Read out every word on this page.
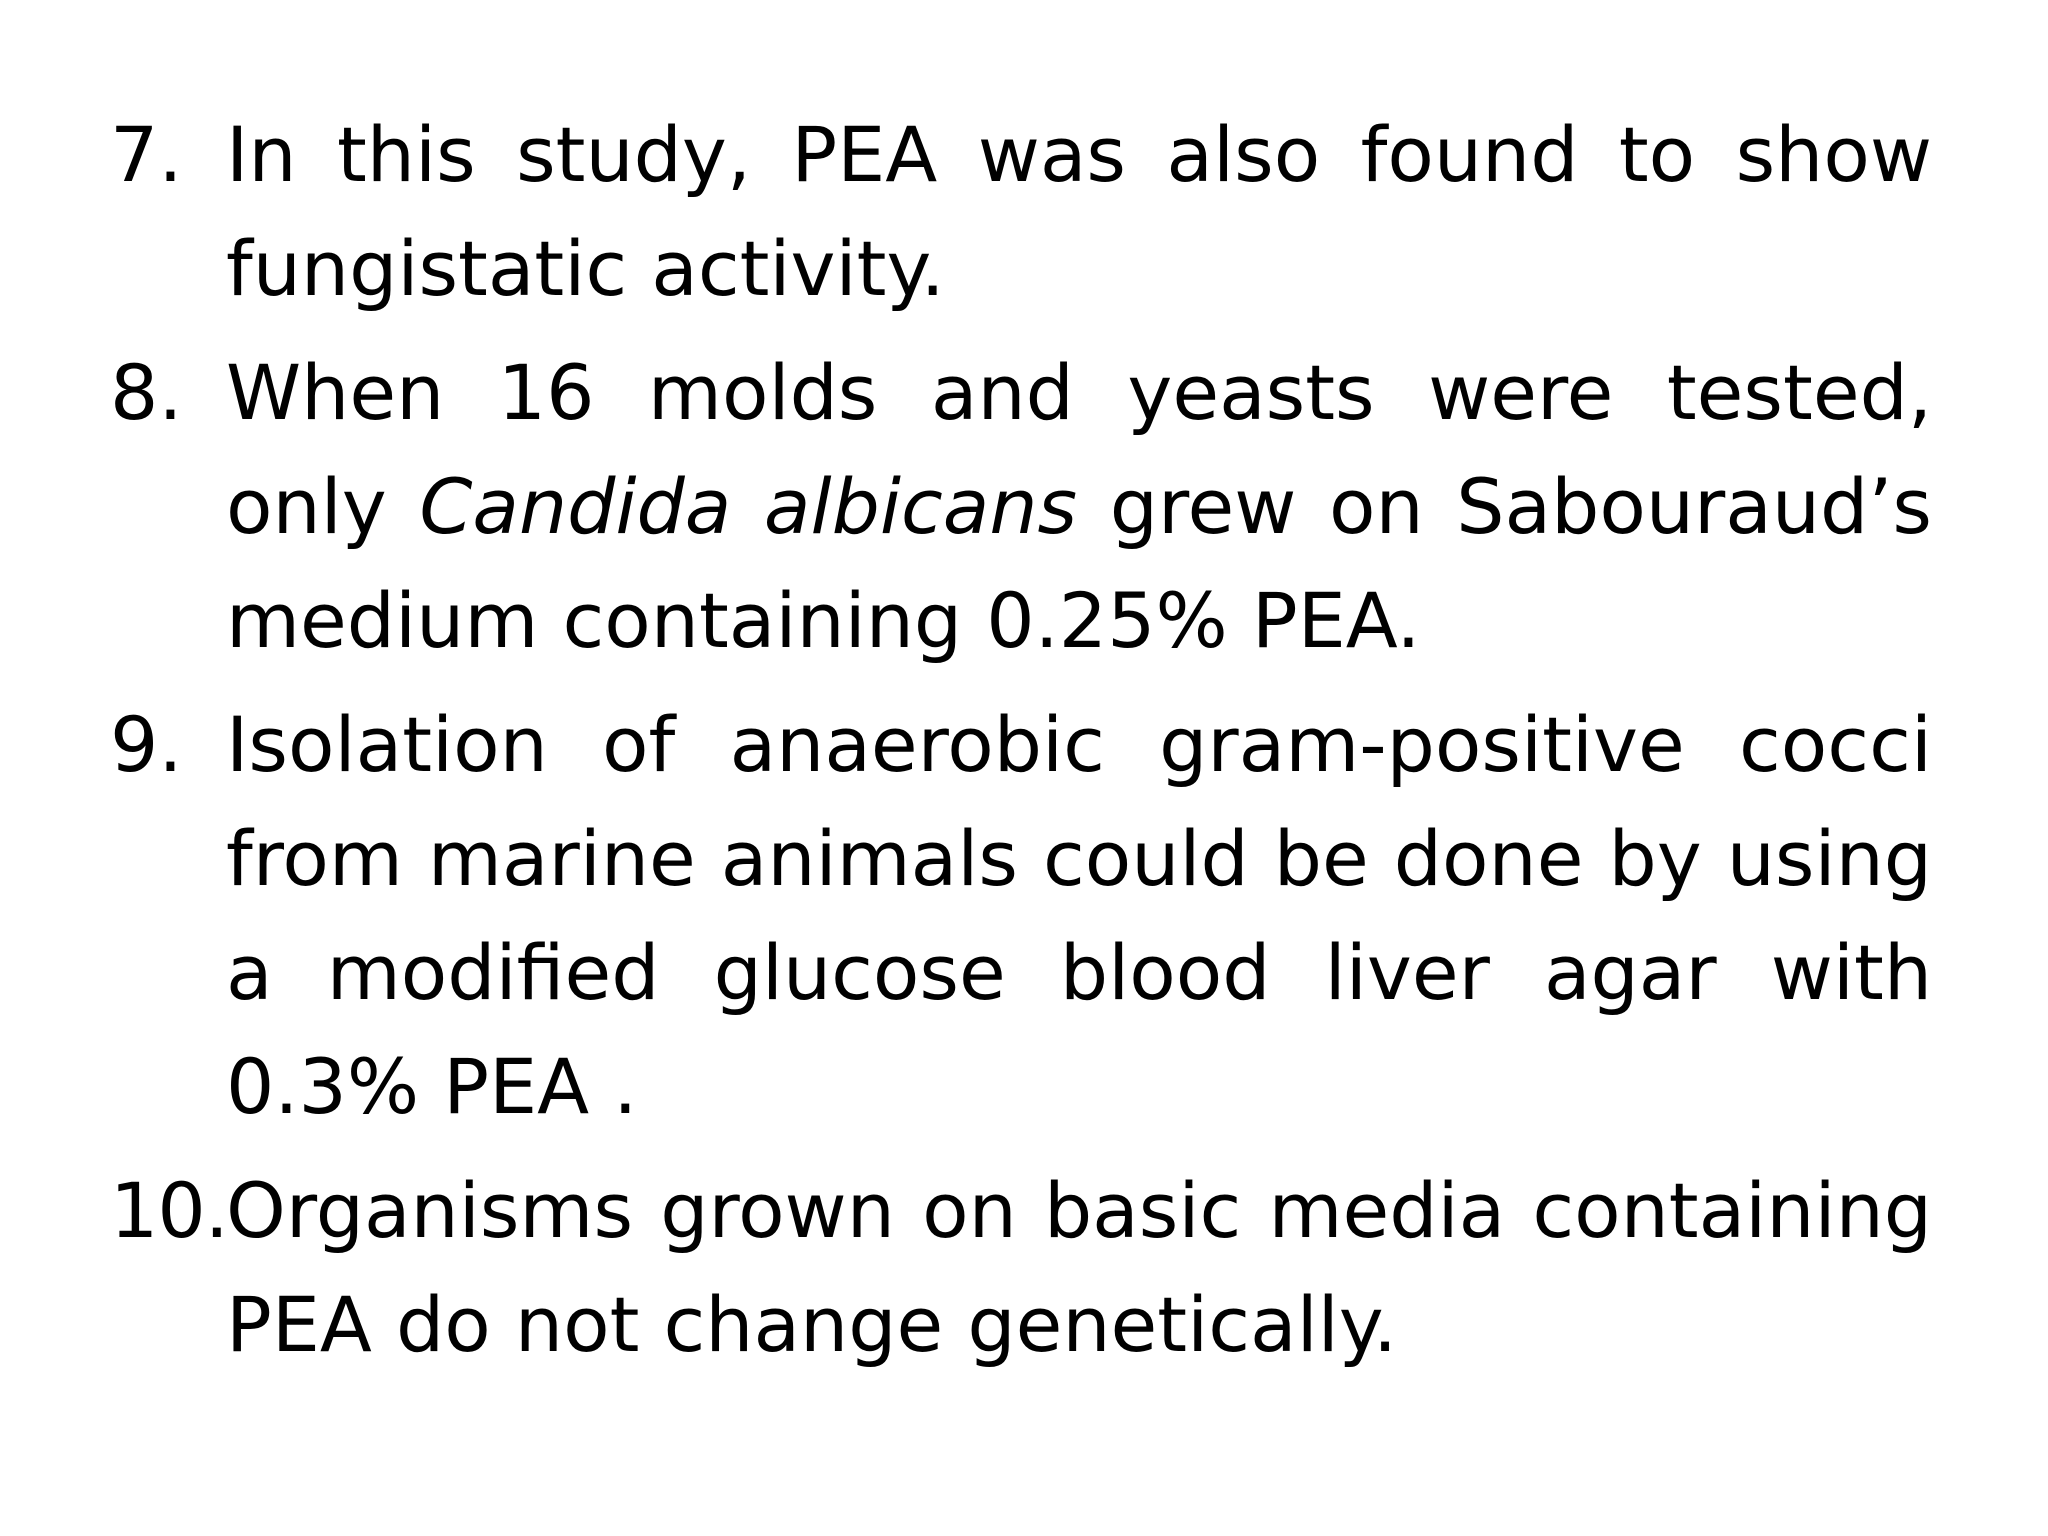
7. In this study, PEA was also found to show fungistatic activity.
8. When 16 molds and yeasts were tested, only Candida albicans grew on Sabouraud’s medium containing 0.25% PEA.
9. Isolation of anaerobic gram-positive cocci from marine animals could be done by using a modified glucose blood liver agar with 0.3% PEA .
10.
Organisms grown on basic media containing PEA do not change genetically.
